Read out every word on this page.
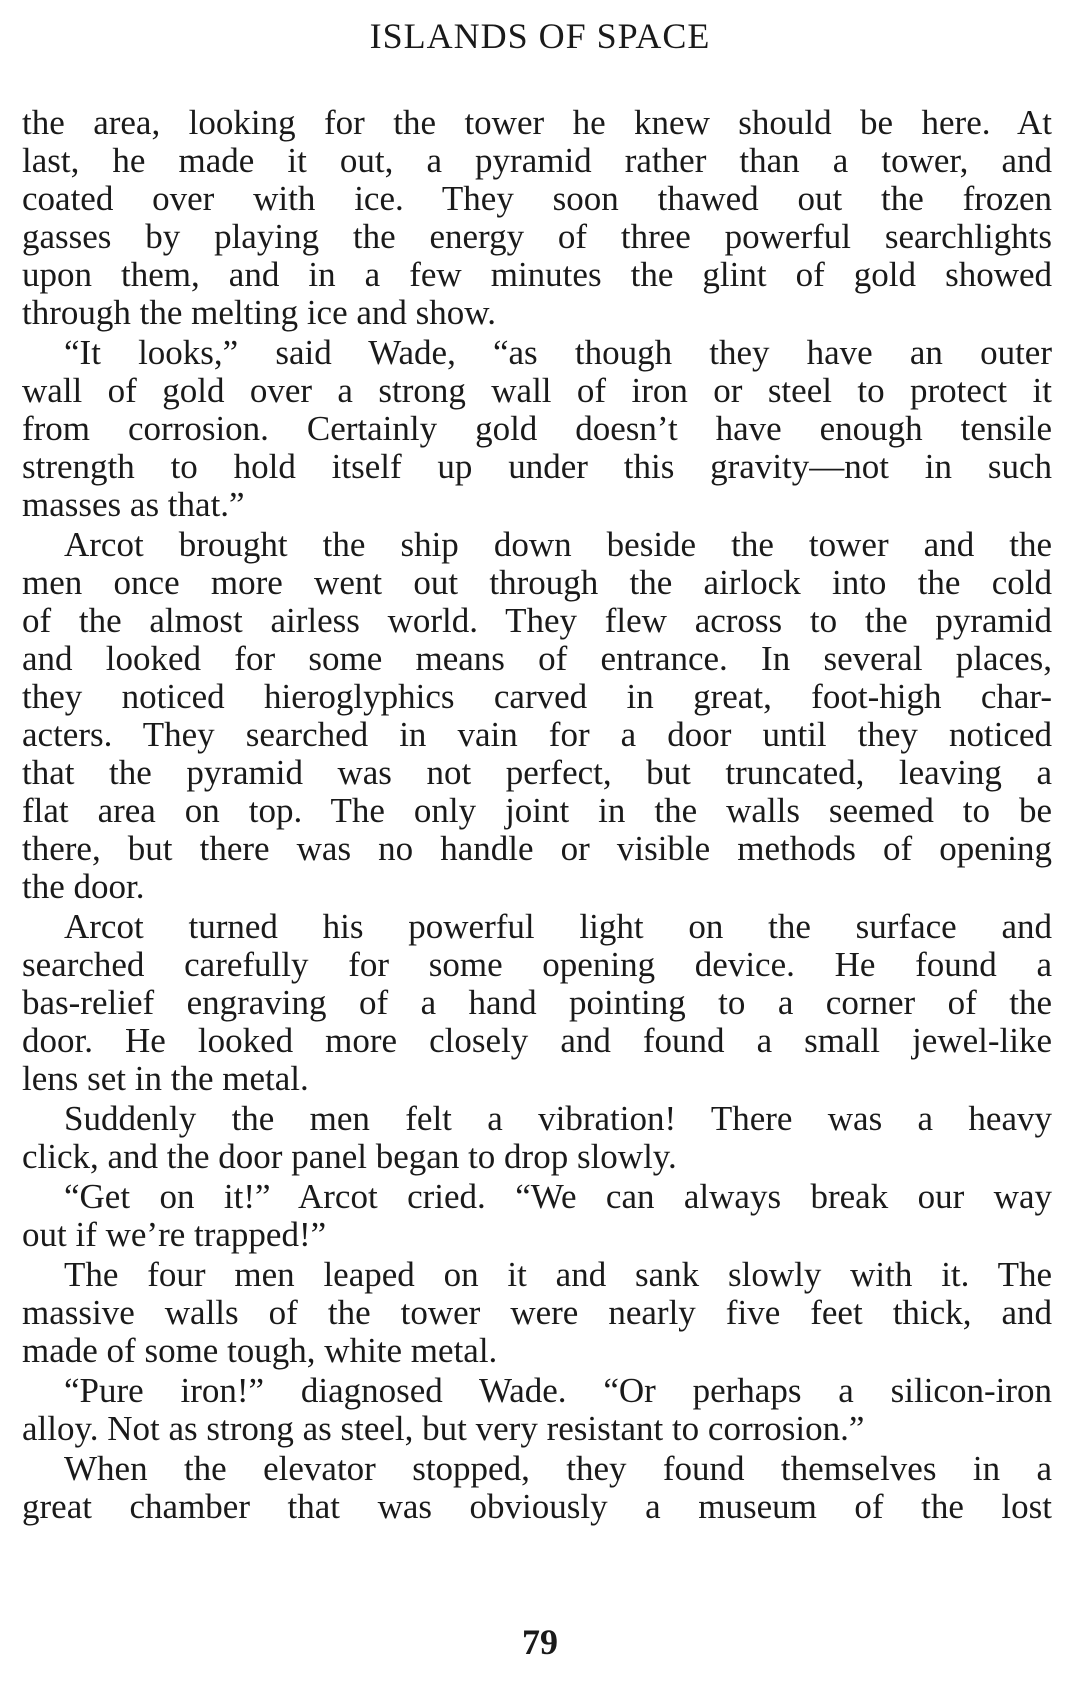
ISLANDS OF SPACE
the area, looking for the tower he knew should be here. At
last, he made it out, a pyramid rather than a tower, and
coated over with ice. They soon thawed out the frozen
gasses by playing the energy of three powerful searchlights
upon them, and in a few minutes the glint of gold showed
through the melting ice and show.
“It looks,” said Wade, “as though they have an outer
wall of gold over a strong wall of iron or steel to protect it
from corrosion. Certainly gold doesn’t have enough tensile
strength to hold itself up under this gravity—not in such
masses as that.”
Arcot brought the ship down beside the tower and the
men once more went out through the airlock into the cold
of the almost airless world. They flew across to the pyramid
and looked for some means of entrance. In several places,
they noticed hieroglyphics carved in great, foot-high char-
acters. They searched in vain for a door until they noticed
that the pyramid was not perfect, but truncated, leaving a
flat area on top. The only joint in the walls seemed to be
there, but there was no handle or visible methods of opening
the door.
Arcot turned his powerful light on the surface and
searched carefully for some opening device. He found a
bas-relief engraving of a hand pointing to a corner of the
door. He looked more closely and found a small jewel-like
lens set in the metal.
Suddenly the men felt a vibration! There was a heavy
click, and the door panel began to drop slowly.
“Get on it!” Arcot cried. “We can always break our way
out if we’re trapped!”
The four men leaped on it and sank slowly with it. The
massive walls of the tower were nearly five feet thick, and
made of some tough, white metal.
“Pure iron!” diagnosed Wade. “Or perhaps a silicon-iron
alloy. Not as strong as steel, but very resistant to corrosion.”
When the elevator stopped, they found themselves in a
great chamber that was obviously a museum of the lost
79
